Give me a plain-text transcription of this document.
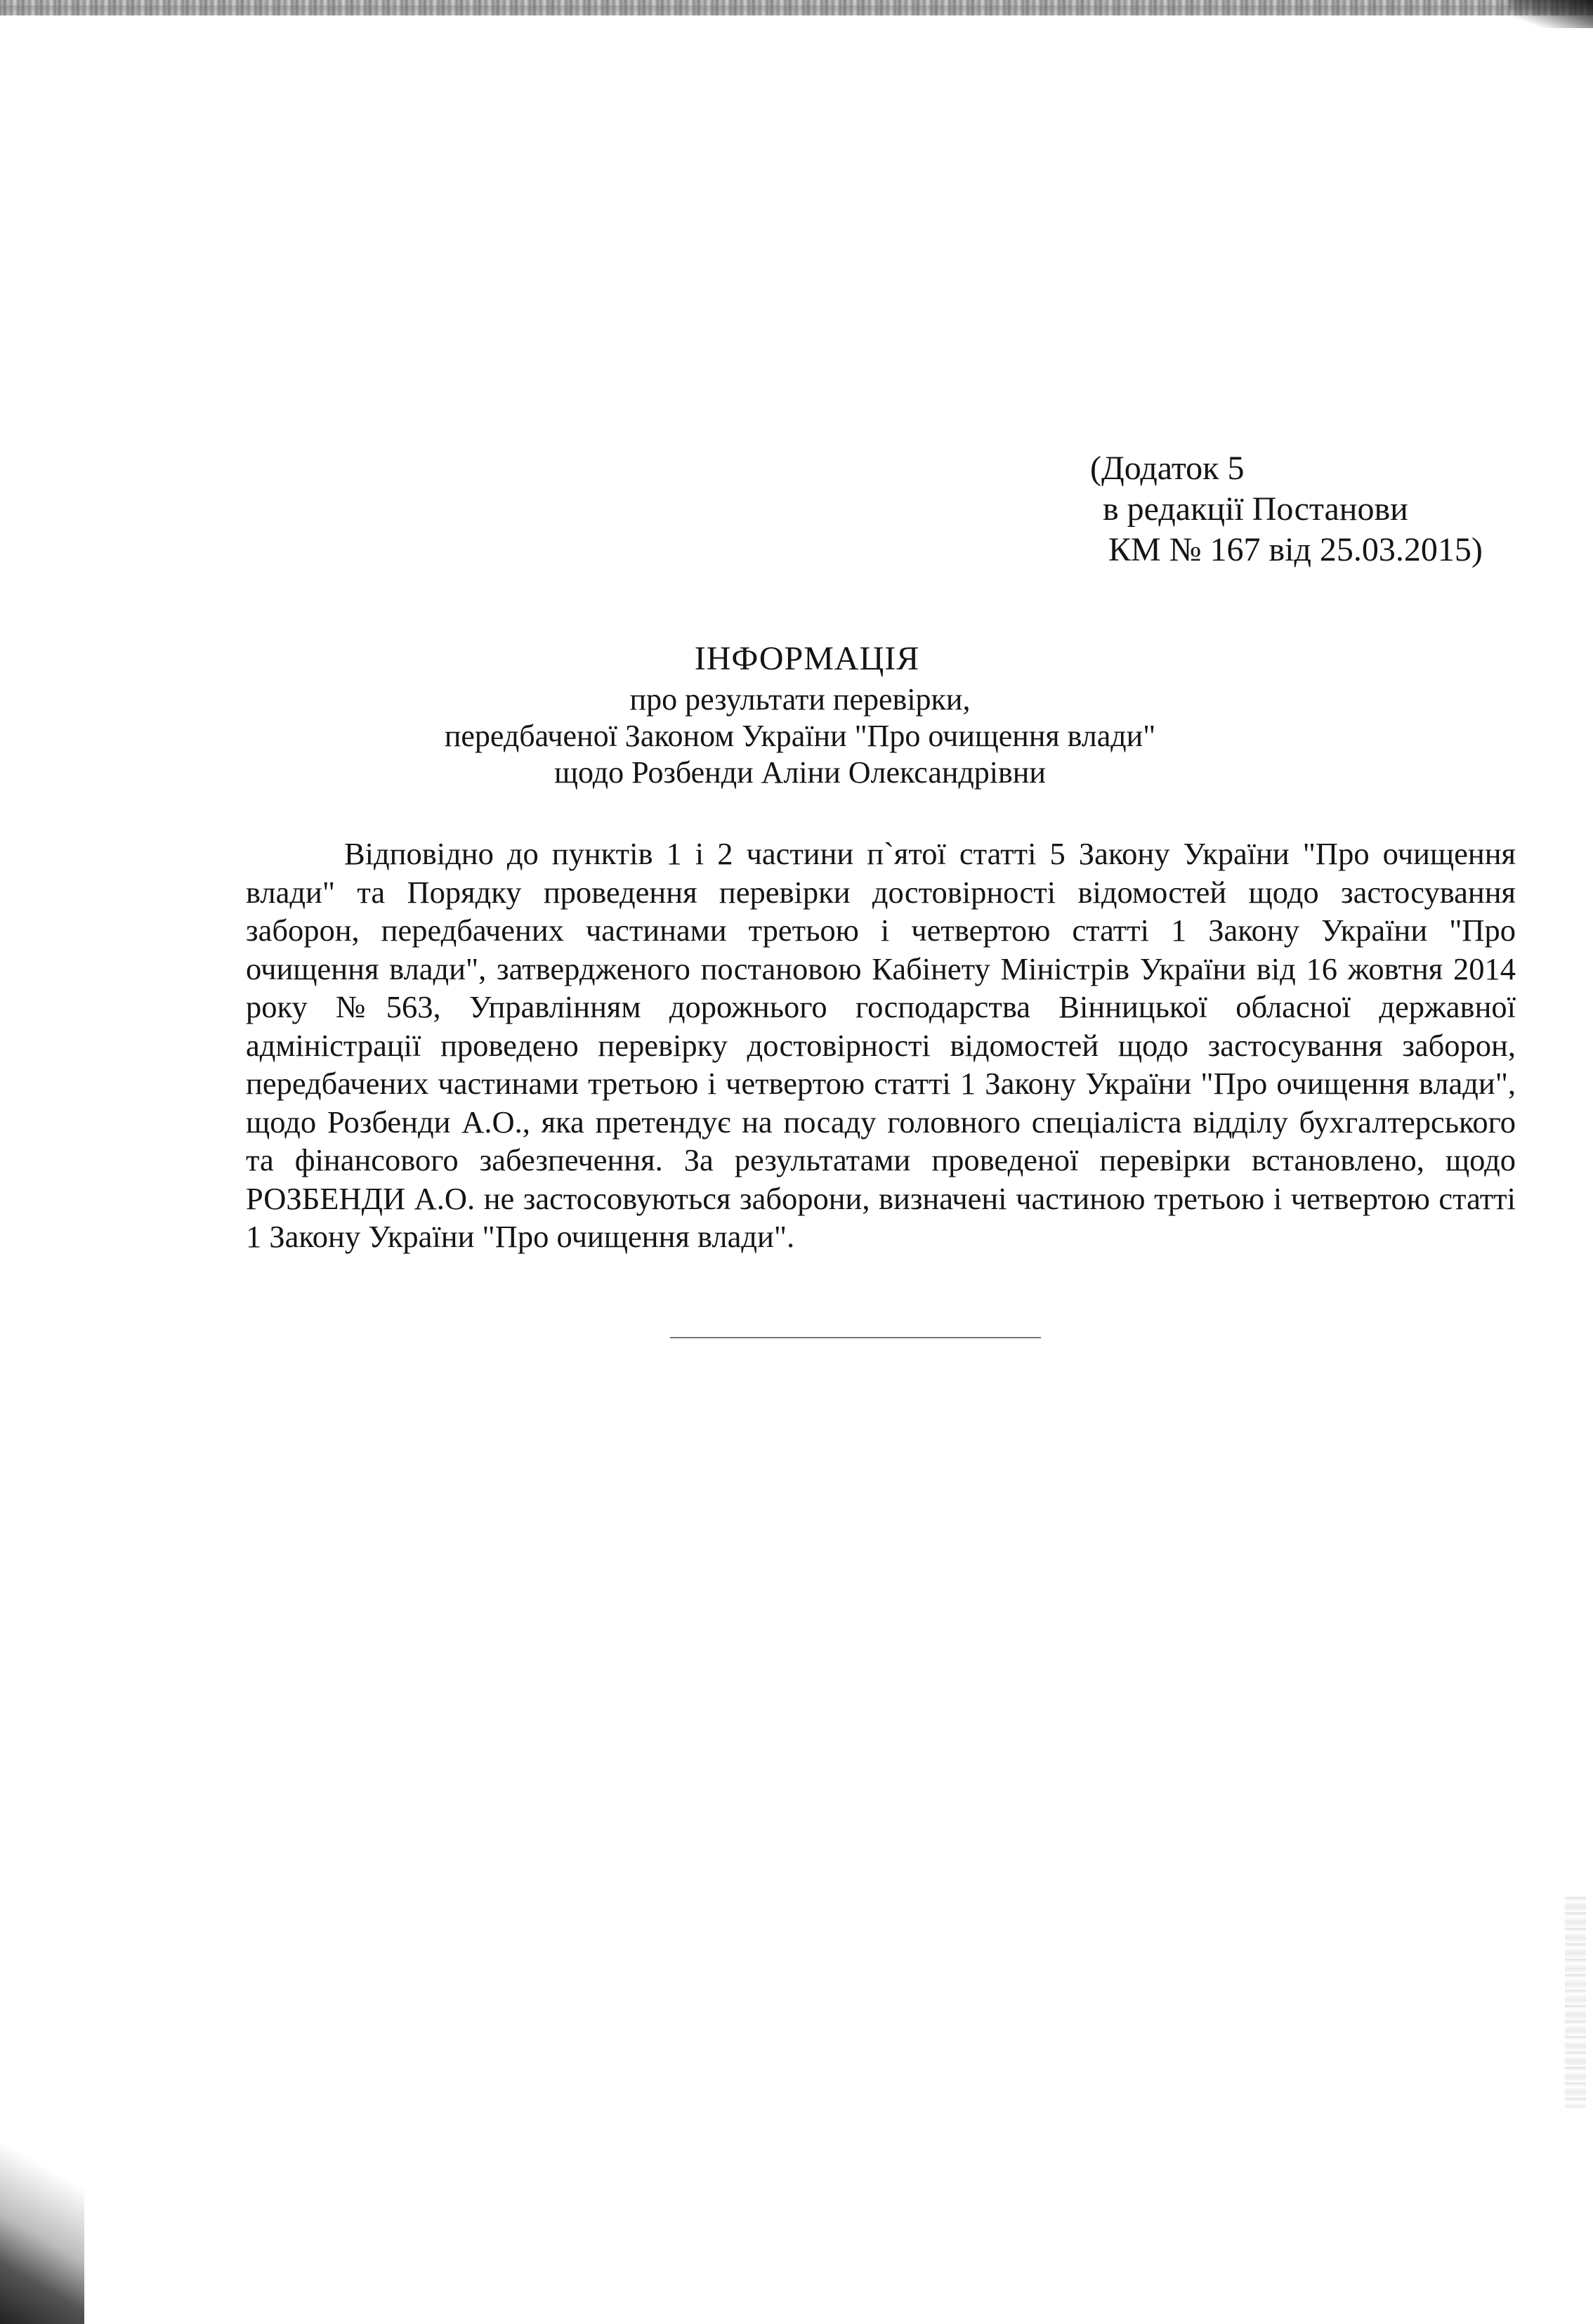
(Додаток 5
в редакції Постанови
КМ № 167 від 25.03.2015)
ІНФОРМАЦІЯ
про результати перевірки,
передбаченої Законом України "Про очищення влади"
щодо Розбенди Аліни Олександрівни
Відповідно до пунктів 1 і 2 частини п`ятої статті 5 Закону України "Про очищення влади" та Порядку проведення перевірки достовірності відомостей щодо застосування заборон, передбачених частинами третьою і четвертою статті 1 Закону України "Про очищення влади", затвердженого постановою Кабінету Міністрів України від 16 жовтня 2014 року №563, Управлінням дорожнього господарства Вінницької обласної державної адміністрації проведено перевірку достовірності відомостей щодо застосування заборон, передбачених частинами третьою і четвертою статті 1 Закону України "Про очищення влади", щодо Розбенди А.О., яка претендує на посаду головного спеціаліста відділу бухгалтерського та фінансового забезпечення. За результатами проведеної перевірки встановлено, щодо РОЗБЕНДИ А.О. не застосовуються заборони, визначені частиною третьою і четвертою статті 1 Закону України "Про очищення влади".
